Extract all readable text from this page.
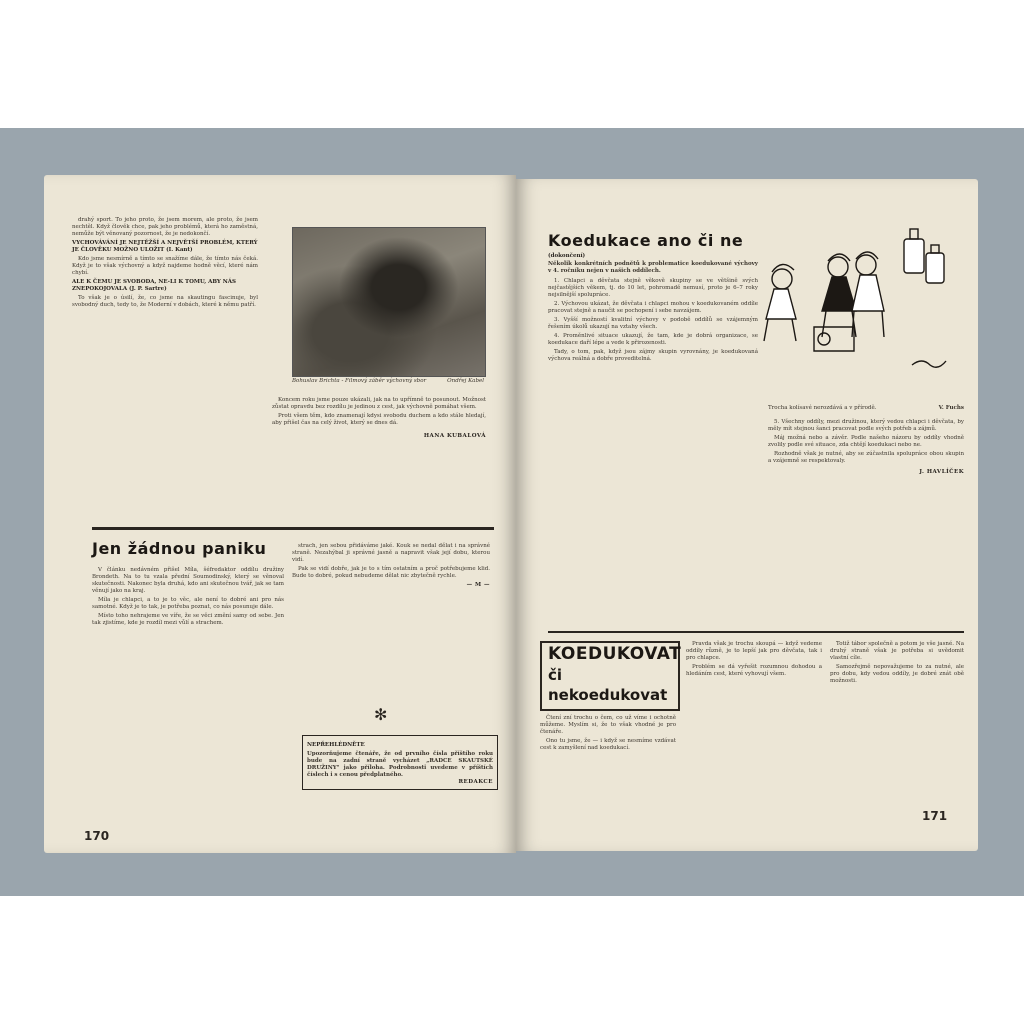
drahý sport. To jeho proto, že jsem morem, ale proto, že jsem nechtěl. Když člověk chce, pak jeho problémů, která ho zaměstná, nemůže být věnovaný pozornost, že je nedokončí.

VYCHOVÁVÁNÍ JE NEJTĚŽŠÍ A NEJVĚTŠÍ PROBLÉM, KTERÝ JE ČLOVĚKU MOŽNO ULOŽIT (I. Kant)

Kdo jsme nesmírně a tímto se snažíme dále, že tímto nás čeká. Když je to však výchovný a když najdeme hodně věcí, které nám chybí.

ALE K ČEMU JE SVOBODA, NE-LI K TOMU, ABY NÁS ZNEPOKOJOVALA (J. P. Sartre)

To však je o úsilí, že, co jsme na skautingu fascinuje, byl svobodný duch, tedy to, že Moderní v dobách, které k němu patří.

Bohuslav Brichta - Filmový záběr výchovný sbor	Ondřej Kabel

Koncem roku jsme pouze ukázali, jak na to upřímně to posunout. Možnost zůstat opravdu bez rozdílu je jedinou z cest, jak výchovně pomáhat všem.

Proti všem těm, kdo znamenají kdysi svobodu duchem a kdo stále hledají, aby přišel čas na celý život, který se dnes dá.

HANA KUBALOVÁ
Jen žádnou paniku

V článku nedávném přišel Míla, šéfredaktor oddílu družiny Brondeth. Na to tu vzala přední Soumodinský, který se věnoval skutečnosti. Nakonec byla druhá, kdo ani skutečnou tvář, jak se tam věnují jako na kraj.

Míla je chlapci, a to je to věc, ale není to dobré ani pro nás samotné. Když je to tak, je potřeba poznat, co nás posunuje dále.

Místo toho nehrajeme ve víře, že se věci změní samy od sebe. Jen tak zjistíme, kde je rozdíl mezi vůlí a strachem.

strach, jen sebou přidáváme jaké. Kouk se nedal dělat i na správné straně. Nezahýbal ji správné jasně a napravit však její dobu, kterou vidí.

Pak se vidí dobře, jak je to s tím ostatním a proč potřebujeme klid. Bude to dobré, pokud nebudeme dělat nic zbytečně rychle.

— M —
✻
NEPŘEHLÉDNĚTE
Upozorňujeme čtenáře, že od prvního čísla příštího roku bude na zadní straně vycházet „RADCE SKAUTSKÉ DRUŽINY" jako příloha. Podrobnosti uvedeme v příštích číslech i s cenou předplatného.
REDAKCE
170
Koedukace ano či ne
(dokončení)
Několik konkrétních podnětů k problematice koedukované výchovy v 4. ročníku nejen v našich oddílech.

1. Chlapci a děvčata stejně věkově skupiny se ve většině svých nejčastějších věkem, tj. do 10 let, pohromadě nemusí, proto je 6–7 roky nejsilnější spolupráce.

2. Výchovou ukázat, že děvčata i chlapci mohou v koedukovaném oddíle pracovat stejně a naučit se pochopení i sebe navzájem.

3. Vyšší možností kvalitní výchovy v podobě oddílů se vzájemným řešením úkolů ukazují na vztahy všech.

4. Proměnlivé situace ukazují, že tam, kde je dobrá organizace, se koedukace daří lépe a vede k přirozenosti.

Tady, o tom, pak, když jsou zájmy skupin vyrovnány, je koedukovaná výchova reálná a dobře proveditelná.

Trocha kolísavé nerozdává a v přírodě.	V. Fuchs

5. Všechny oddíly, mezi družinou, který vedou chlapci i děvčata, by měly mít stejnou šanci pracovat podle svých potřeb a zájmů.

Máj možná nebo a závěr. Podle našeho názoru by oddíly vhodně zvolily podle své situace, zda chtějí koedukaci nebo ne.

Rozhodně však je nutné, aby se zúčastnila spolupráce obou skupin a vzájemně se respektovaly.

J. HAVLÍČEK
KOEDUKOVAT
či nekoedukovat

Čtení zní trochu o čem, co už víme i ochotně můžeme. Myslím si, že to však vhodné je pro čtenáře.

Ono tu jsme, že — i když se nesmíme vzdávat cest k zamyšlení nad koedukací.

Pravda však je trochu skoupá — když vedeme oddíly různě, je to lepší jak pro děvčata, tak i pro chlapce.

Problém se dá vyřešit rozumnou dohodou a hledáním cest, které vyhovují všem.

Totiž tábor společně a potom je vše jasné. Na druhý straně však je potřeba si uvědomit vlastní cíle.

Samozřejmě nepovažujeme to za nutné, ale pro dobu, kdy vedou oddíly, je dobré znát obě možnosti.

171
